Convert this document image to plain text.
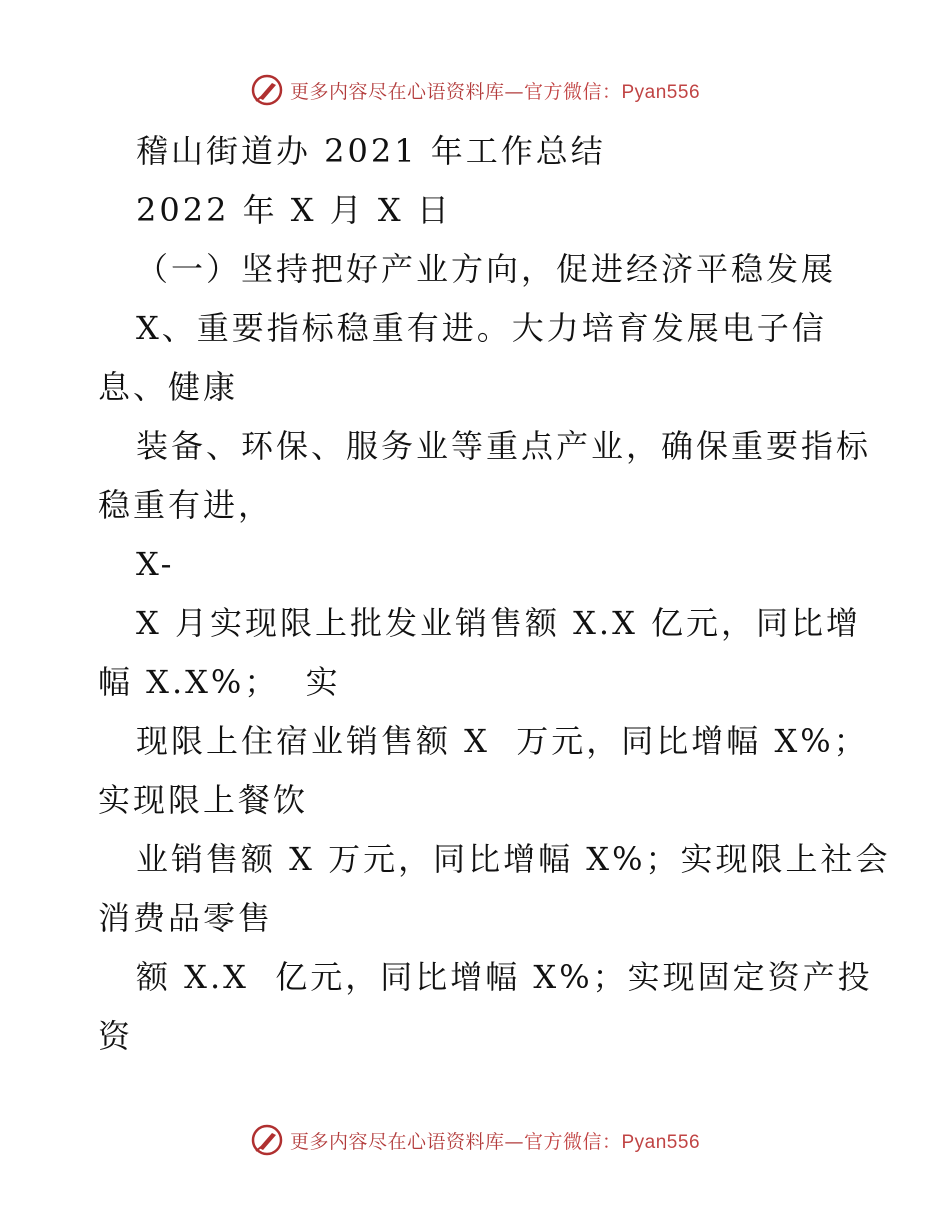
更多内容尽在心语资料库—官方微信：Pyan556
稽山街道办 2021 年工作总结
2022 年 X 月 X 日
（一）坚持把好产业方向，促进经济平稳发展
X、重要指标稳重有进。大力培育发展电子信
息、健康
装备、环保、服务业等重点产业，确保重要指标
稳重有进，
X-
X 月实现限上批发业销售额 X.X 亿元，同比增
幅 X.X%；  实
现限上住宿业销售额 X  万元，同比增幅 X%；
实现限上餐饮
业销售额 X 万元，同比增幅 X%；实现限上社会
消费品零售
额 X.X  亿元，同比增幅 X%；实现固定资产投
资
更多内容尽在心语资料库—官方微信：Pyan556
